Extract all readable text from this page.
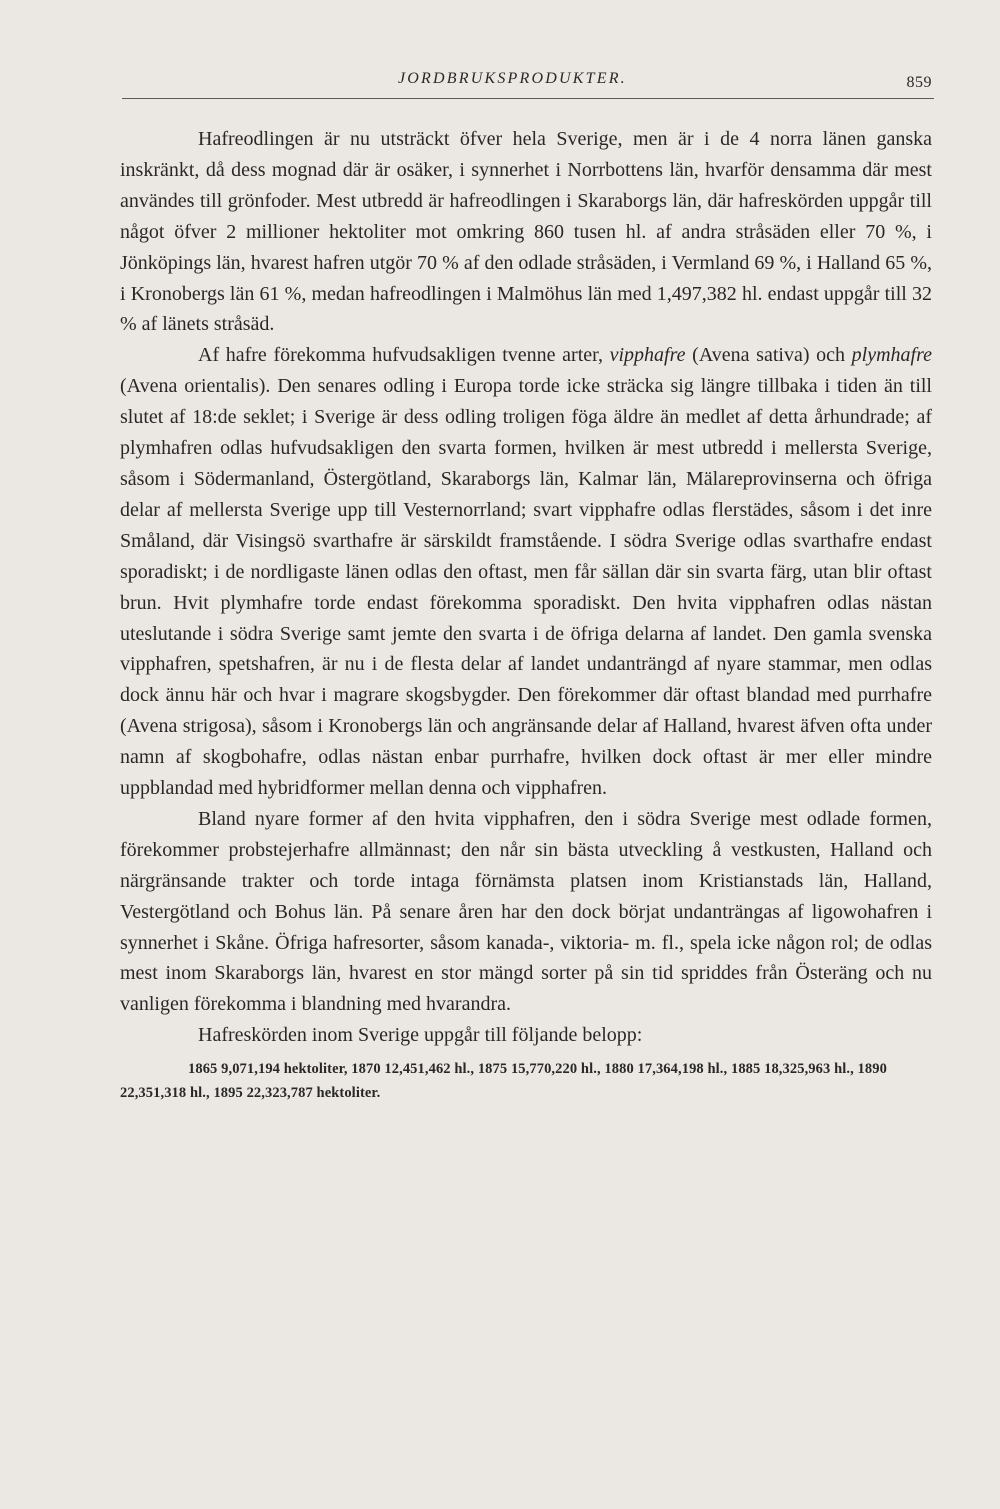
JORDBRUKSPRODUKTER.	859

Hafreodlingen är nu utsträckt öfver hela Sverige, men är i de 4 norra länen ganska inskränkt, då dess mognad där är osäker, i synnerhet i Norrbottens län, hvarför densamma där mest användes till grönfoder. Mest utbredd är hafreodlingen i Skaraborgs län, där hafreskörden uppgår till något öfver 2 millioner hektoliter mot omkring 860 tusen hl. af andra stråsäden eller 70 %, i Jönköpings län, hvarest hafren utgör 70 % af den odlade stråsäden, i Vermland 69 %, i Halland 65 %, i Kronobergs län 61 %, medan hafreodlingen i Malmöhus län med 1,497,382 hl. endast uppgår till 32 % af länets stråsäd.

Af hafre förekomma hufvudsakligen tvenne arter, vipphafre (Avena sativa) och plymhafre (Avena orientalis). Den senares odling i Europa torde icke sträcka sig längre tillbaka i tiden än till slutet af 18:de seklet; i Sverige är dess odling troligen föga äldre än medlet af detta århundrade; af plymhafren odlas hufvudsakligen den svarta formen, hvilken är mest utbredd i mellersta Sverige, såsom i Södermanland, Östergötland, Skaraborgs län, Kalmar län, Mälareprovinserna och öfriga delar af mellersta Sverige upp till Vesternorrland; svart vipphafre odlas flerstädes, såsom i det inre Småland, där Visingsö svarthafre är särskildt framstående. I södra Sverige odlas svarthafre endast sporadiskt; i de nordligaste länen odlas den oftast, men får sällan där sin svarta färg, utan blir oftast brun. Hvit plymhafre torde endast förekomma sporadiskt. Den hvita vipphafren odlas nästan uteslutande i södra Sverige samt jemte den svarta i de öfriga delarna af landet. Den gamla svenska vipphafren, spetshafren, är nu i de flesta delar af landet undanträngd af nyare stammar, men odlas dock ännu här och hvar i magrare skogsbygder. Den förekommer där oftast blandad med purrhafre (Avena strigosa), såsom i Kronobergs län och angränsande delar af Halland, hvarest äfven ofta under namn af skogbohafre, odlas nästan enbar purrhafre, hvilken dock oftast är mer eller mindre uppblandad med hybridformer mellan denna och vipphafren.

Bland nyare former af den hvita vipphafren, den i södra Sverige mest odlade formen, förekommer probstejerhafre allmännast; den når sin bästa utveckling å vestkusten, Halland och närgränsande trakter och torde intaga förnämsta platsen inom Kristianstads län, Halland, Vestergötland och Bohus län. På senare åren har den dock börjat undanträngas af ligowohafren i synnerhet i Skåne. Öfriga hafresorter, såsom kanada-, viktoria- m. fl., spela icke någon rol; de odlas mest inom Skaraborgs län, hvarest en stor mängd sorter på sin tid spriddes från Österäng och nu vanligen förekomma i blandning med hvarandra.

Hafreskörden inom Sverige uppgår till följande belopp:

1865 9,071,194 hektoliter, 1870 12,451,462 hl., 1875 15,770,220 hl., 1880 17,364,198 hl., 1885 18,325,963 hl., 1890 22,351,318 hl., 1895 22,323,787 hektoliter.
